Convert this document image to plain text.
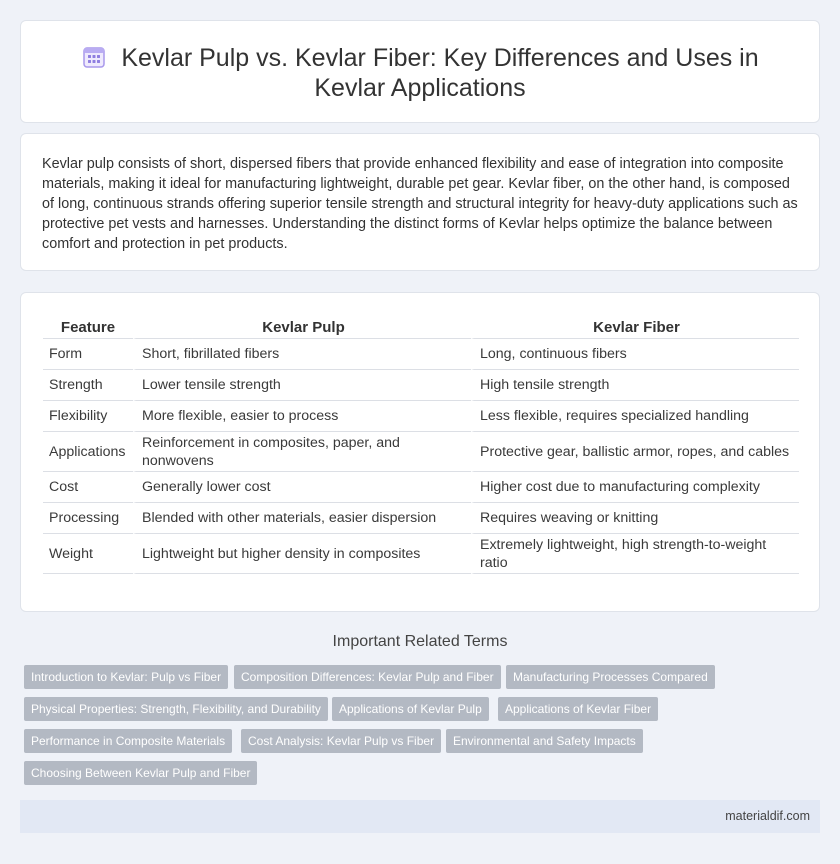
Kevlar Pulp vs. Kevlar Fiber: Key Differences and Uses in Kevlar Applications

Kevlar pulp consists of short, dispersed fibers that provide enhanced flexibility and ease of integration into composite materials, making it ideal for manufacturing lightweight, durable pet gear. Kevlar fiber, on the other hand, is composed of long, continuous strands offering superior tensile strength and structural integrity for heavy-duty applications such as protective pet vests and harnesses. Understanding the distinct forms of Kevlar helps optimize the balance between comfort and protection in pet products.

Feature	Kevlar Pulp	Kevlar Fiber
Form	Short, fibrillated fibers	Long, continuous fibers
Strength	Lower tensile strength	High tensile strength
Flexibility	More flexible, easier to process	Less flexible, requires specialized handling
Applications	Reinforcement in composites, paper, and nonwovens	Protective gear, ballistic armor, ropes, and cables
Cost	Generally lower cost	Higher cost due to manufacturing complexity
Processing	Blended with other materials, easier dispersion	Requires weaving or knitting
Weight	Lightweight but higher density in composites	Extremely lightweight, high strength-to-weight ratio
Important Related Terms
Introduction to Kevlar: Pulp vs Fiber	Composition Differences: Kevlar Pulp and Fiber	Manufacturing Processes Compared
Physical Properties: Strength, Flexibility, and Durability	Applications of Kevlar Pulp	Applications of Kevlar Fiber
Performance in Composite Materials	Cost Analysis: Kevlar Pulp vs Fiber	Environmental and Safety Impacts
Choosing Between Kevlar Pulp and Fiber
materialdif.com
